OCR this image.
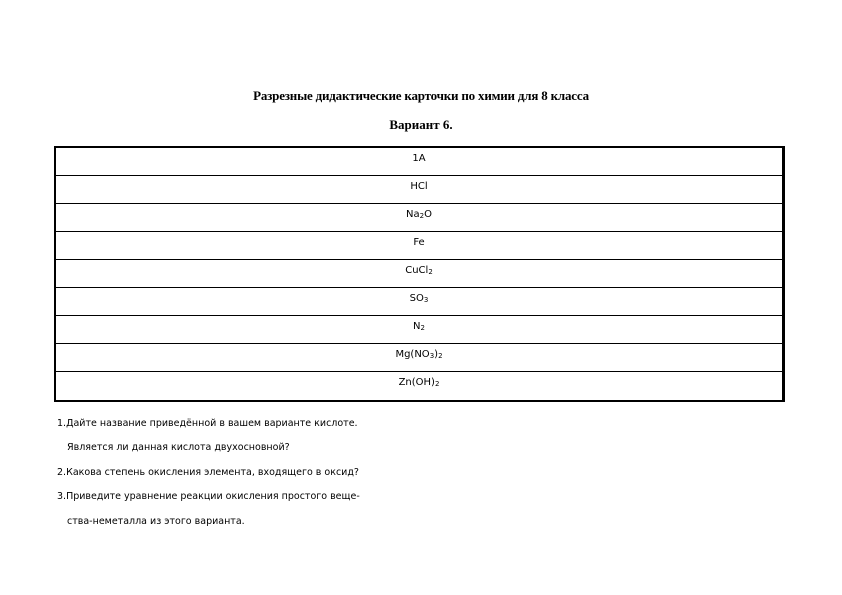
Разрезные дидактические карточки по химии для 8 класса
Вариант 6.
1A
HCl
$Na_2O$
Fe
CuCl$_2$
$SO_3$
$N_2$
$Mg(NO_3)_2$
$Zn(OH)_2$
1.Дайте название приведённой в вашем варианте кислоте.
Является ли данная кислота двухосновной?
2.Какова степень окисления элемента, входящего в оксид?
3.Приведите уравнение реакции окисления простого веще-
ства-неметалла из этого варианта.
